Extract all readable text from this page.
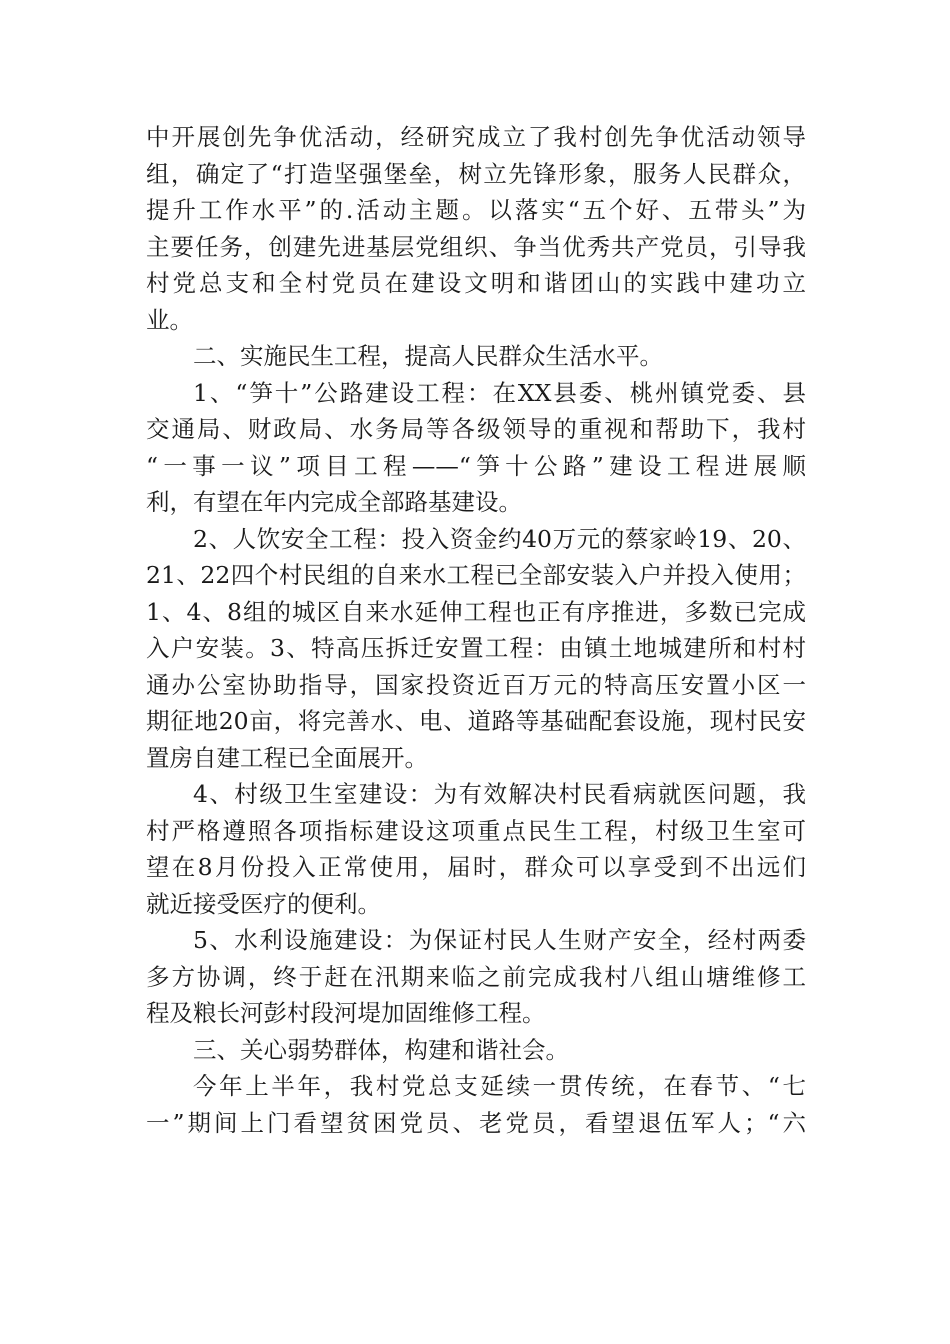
中开展创先争优活动，经研究成立了我村创先争优活动领导
组，确定了“打造坚强堡垒，树立先锋形象，服务人民群众，
提升工作水平”的.活动主题。以落实“五个好、五带头”为
主要任务，创建先进基层党组织、争当优秀共产党员，引导我
村党总支和全村党员在建设文明和谐团山的实践中建功立
业。
二、实施民生工程，提高人民群众生活水平。
1、“笋十”公路建设工程：在XX县委、桃州镇党委、县
交通局、财政局、水务局等各级领导的重视和帮助下，我村
“一事一议”项目工程——“笋十公路”建设工程进展顺
利，有望在年内完成全部路基建设。
2、人饮安全工程：投入资金约40万元的蔡家岭19、20、
21、22四个村民组的自来水工程已全部安装入户并投入使用；
1、4、8组的城区自来水延伸工程也正有序推进，多数已完成
入户安装。3、特高压拆迁安置工程：由镇土地城建所和村村
通办公室协助指导，国家投资近百万元的特高压安置小区一
期征地20亩，将完善水、电、道路等基础配套设施，现村民安
置房自建工程已全面展开。
4、村级卫生室建设：为有效解决村民看病就医问题，我
村严格遵照各项指标建设这项重点民生工程，村级卫生室可
望在8月份投入正常使用，届时，群众可以享受到不出远们
就近接受医疗的便利。
5、水利设施建设：为保证村民人生财产安全，经村两委
多方协调，终于赶在汛期来临之前完成我村八组山塘维修工
程及粮长河彭村段河堤加固维修工程。
三、关心弱势群体，构建和谐社会。
今年上半年，我村党总支延续一贯传统，在春节、“七
一”期间上门看望贫困党员、老党员，看望退伍军人；“六
